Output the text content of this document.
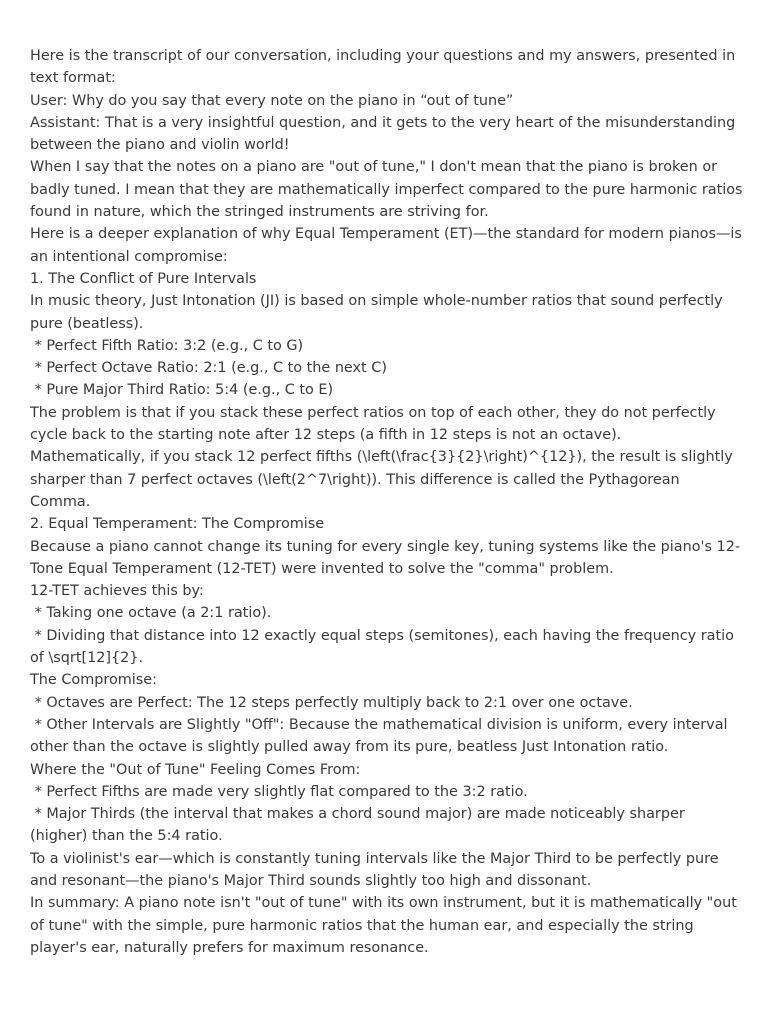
Here is the transcript of our conversation, including your questions and my answers, presented in text format:

User: Why do you say that every note on the piano in “out of tune”

Assistant: That is a very insightful question, and it gets to the very heart of the misunderstanding between the piano and violin world!

When I say that the notes on a piano are "out of tune," I don't mean that the piano is broken or badly tuned. I mean that they are mathematically imperfect compared to the pure harmonic ratios found in nature, which the stringed instruments are striving for.

Here is a deeper explanation of why Equal Temperament (ET)—the standard for modern pianos—is an intentional compromise:

1. The Conflict of Pure Intervals

In music theory, Just Intonation (JI) is based on simple whole-number ratios that sound perfectly pure (beatless).

* Perfect Fifth Ratio: 3:2 (e.g., C to G)

* Perfect Octave Ratio: 2:1 (e.g., C to the next C)

* Pure Major Third Ratio: 5:4 (e.g., C to E)

The problem is that if you stack these perfect ratios on top of each other, they do not perfectly cycle back to the starting note after 12 steps (a fifth in 12 steps is not an octave).

Mathematically, if you stack 12 perfect fifths (\left(\frac{3}{2}\right)^{12}), the result is slightly sharper than 7 perfect octaves (\left(2^7\right)). This difference is called the Pythagorean Comma.

2. Equal Temperament: The Compromise

Because a piano cannot change its tuning for every single key, tuning systems like the piano's 12-Tone Equal Temperament (12-TET) were invented to solve the "comma" problem.

12-TET achieves this by:

* Taking one octave (a 2:1 ratio).

* Dividing that distance into 12 exactly equal steps (semitones), each having the frequency ratio of \sqrt[12]{2}.

The Compromise:

* Octaves are Perfect: The 12 steps perfectly multiply back to 2:1 over one octave.

* Other Intervals are Slightly "Off": Because the mathematical division is uniform, every interval other than the octave is slightly pulled away from its pure, beatless Just Intonation ratio.

Where the "Out of Tune" Feeling Comes From:

* Perfect Fifths are made very slightly flat compared to the 3:2 ratio.

* Major Thirds (the interval that makes a chord sound major) are made noticeably sharper (higher) than the 5:4 ratio.

To a violinist's ear—which is constantly tuning intervals like the Major Third to be perfectly pure and resonant—the piano's Major Third sounds slightly too high and dissonant.

In summary: A piano note isn't "out of tune" with its own instrument, but it is mathematically "out of tune" with the simple, pure harmonic ratios that the human ear, and especially the string player's ear, naturally prefers for maximum resonance.
